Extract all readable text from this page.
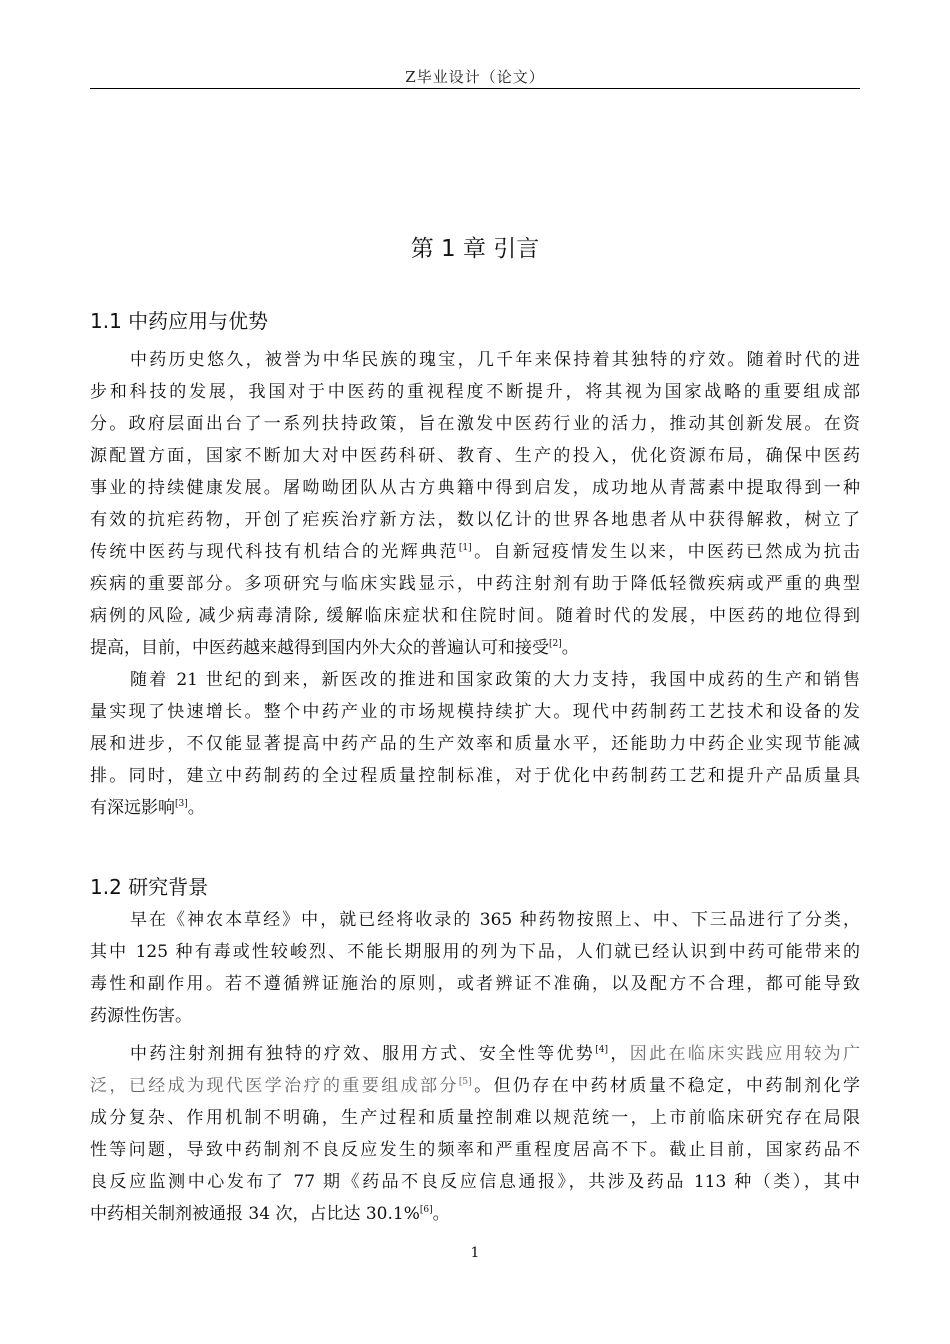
Z毕业设计（论文）
第 1 章 引言
1.1 中药应用与优势
中药历史悠久，被誉为中华民族的瑰宝，几千年来保持着其独特的疗效。随着时代的进
步和科技的发展，我国对于中医药的重视程度不断提升，将其视为国家战略的重要组成部
分。政府层面出台了一系列扶持政策，旨在激发中医药行业的活力，推动其创新发展。在资
源配置方面，国家不断加大对中医药科研、教育、生产的投入，优化资源布局，确保中医药
事业的持续健康发展。屠呦呦团队从古方典籍中得到启发，成功地从青蒿素中提取得到一种
有效的抗疟药物，开创了疟疾治疗新方法，数以亿计的世界各地患者从中获得解救，树立了
传统中医药与现代科技有机结合的光辉典范[1]。自新冠疫情发生以来，中医药已然成为抗击
疾病的重要部分。多项研究与临床实践显示，中药注射剂有助于降低轻微疾病或严重的典型
病例的风险, 减少病毒清除, 缓解临床症状和住院时间。随着时代的发展，中医药的地位得到
提高，目前，中医药越来越得到国内外大众的普遍认可和接受[2]。
随着 21 世纪的到来，新医改的推进和国家政策的大力支持，我国中成药的生产和销售
量实现了快速增长。整个中药产业的市场规模持续扩大。现代中药制药工艺技术和设备的发
展和进步，不仅能显著提高中药产品的生产效率和质量水平，还能助力中药企业实现节能减
排。同时，建立中药制药的全过程质量控制标准，对于优化中药制药工艺和提升产品质量具
有深远影响[3]。
1.2 研究背景
早在《神农本草经》中，就已经将收录的 365 种药物按照上、中、下三品进行了分类，
其中 125 种有毒或性较峻烈、不能长期服用的列为下品，人们就已经认识到中药可能带来的
毒性和副作用。若不遵循辨证施治的原则，或者辨证不准确，以及配方不合理，都可能导致
药源性伤害。
中药注射剂拥有独特的疗效、服用方式、安全性等优势[4]，因此在临床实践应用较为广
泛，已经成为现代医学治疗的重要组成部分[5]。但仍存在中药材质量不稳定，中药制剂化学
成分复杂、作用机制不明确，生产过程和质量控制难以规范统一，上市前临床研究存在局限
性等问题，导致中药制剂不良反应发生的频率和严重程度居高不下。截止目前，国家药品不
良反应监测中心发布了 77 期《药品不良反应信息通报》，共涉及药品 113 种（类），其中
中药相关制剂被通报 34 次，占比达 30.1%[6]。
1
